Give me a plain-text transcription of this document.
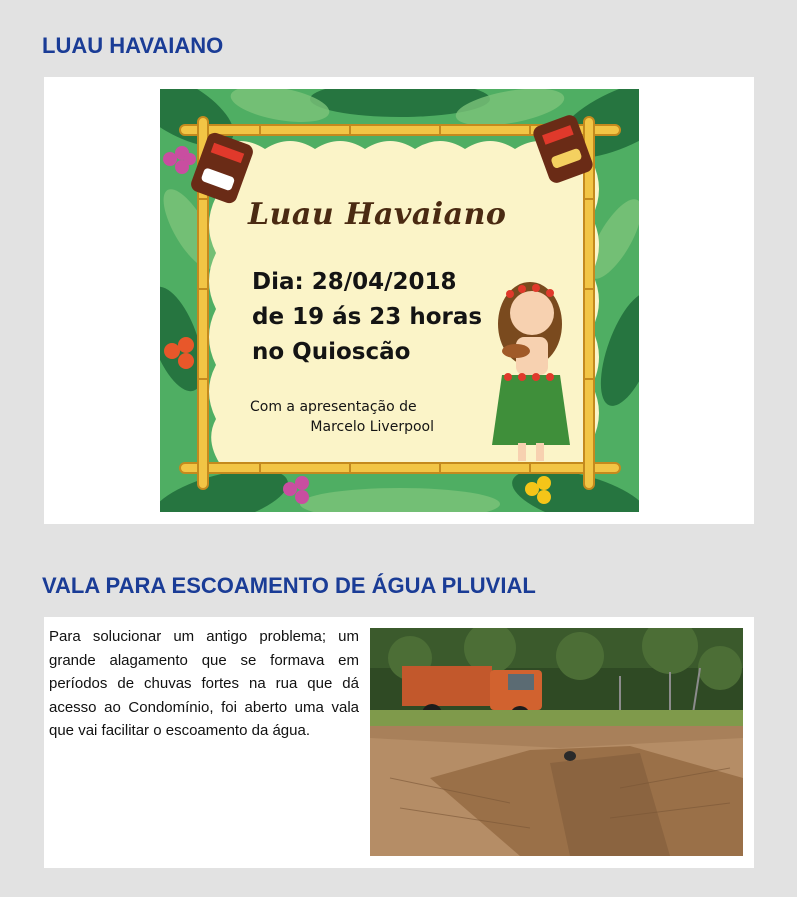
LUAU HAVAIANO
Luau Havaiano
Dia: 28/04/2018
de 19 ás 23 horas
no Quioscão
Com a apresentação de
Marcelo Liverpool
VALA PARA ESCOAMENTO DE ÁGUA PLUVIAL

Para solucionar um antigo problema; um grande alagamento que se formava em períodos de chuvas fortes na rua que dá acesso ao Condomínio, foi aberto uma vala que vai facilitar o escoamento da água.
